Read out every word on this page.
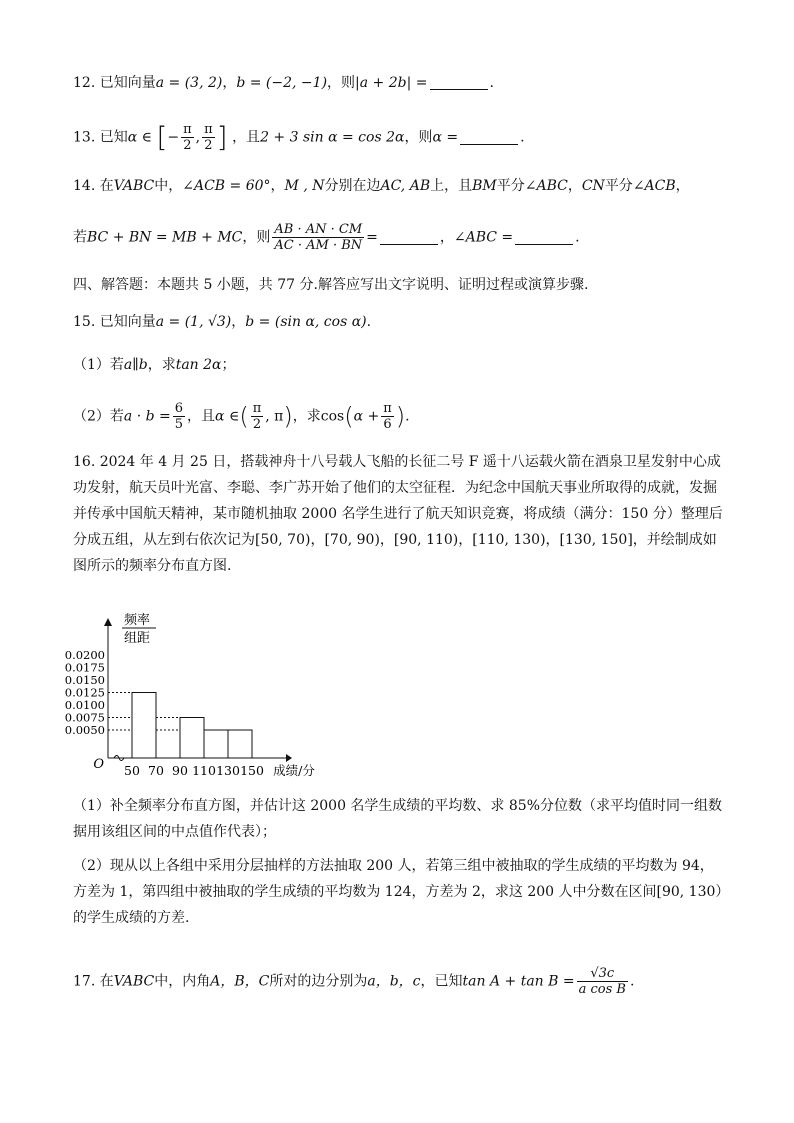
12. 已知向量a = (3, 2)，b = (−2, −1)，则|a + 2b| =	.
13. 已知α ∈ [− $\frac{\pi}{2}$ , $\frac{\pi}{2}$ ] ，且2 + 3 sin α = cos 2α，则α =	.
14. 在VABC中，∠ACB = 60°，M , N分别在边AC, AB上，且BM平分∠ABC，CN平分∠ACB，
若BC + BN = MB + MC，则 $\frac{AB \cdot AN \cdot CM}{AC \cdot AM \cdot BN}$ =	，∠ABC =	.
四、解答题：本题共 5 小题，共 77 分.解答应写出文字说明、证明过程或演算步骤.
15. 已知向量a = (1, √3)，b = (sin α, cos α).
（1）若a∥b，求tan 2α；
（2）若$a \cdot b = \frac{6}{5}$ ，且α ∈( $\frac{\pi}{2}$ , π)，求$\cos(\alpha + \frac{\pi}{6}$ ).
16. 2024 年 4 月 25 日，搭载神舟十八号载人飞船的长征二号 F 遥十八运载火箭在酒泉卫星发射中心成功发射，航天员叶光富、李聪、李广苏开始了他们的太空征程．为纪念中国航天事业所取得的成就，发掘并传承中国航天精神，某市随机抽取 2000 名学生进行了航天知识竞赛，将成绩（满分：150 分）整理后分成五组，从左到右依次记为[50, 70)，[70, 90)，[90, 110)，[110, 130)，[130, 150]，并绘制成如图所示的频率分布直方图.
频率
组距
0.0200
0.0175
0.0150
0.0125
0.0100
0.0075
0.0050
50 70 90 110 130 150 成绩/分
O
（1）补全频率分布直方图，并估计这 2000 名学生成绩的平均数、求 85%分位数（求平均值时同一组数据用该组区间的中点值作代表）；
（2）现从以上各组中采用分层抽样的方法抽取 200 人，若第三组中被抽取的学生成绩的平均数为 94，方差为 1，第四组中被抽取的学生成绩的平均数为 124，方差为 2，求这 200 人中分数在区间[90, 130）的学生成绩的方差.
17. 在VABC中，内角A，B，C所对的边分别为a，b，c，已知$\tan A + \tan B = \frac{√3c}{\text{a cos B}}$ .
